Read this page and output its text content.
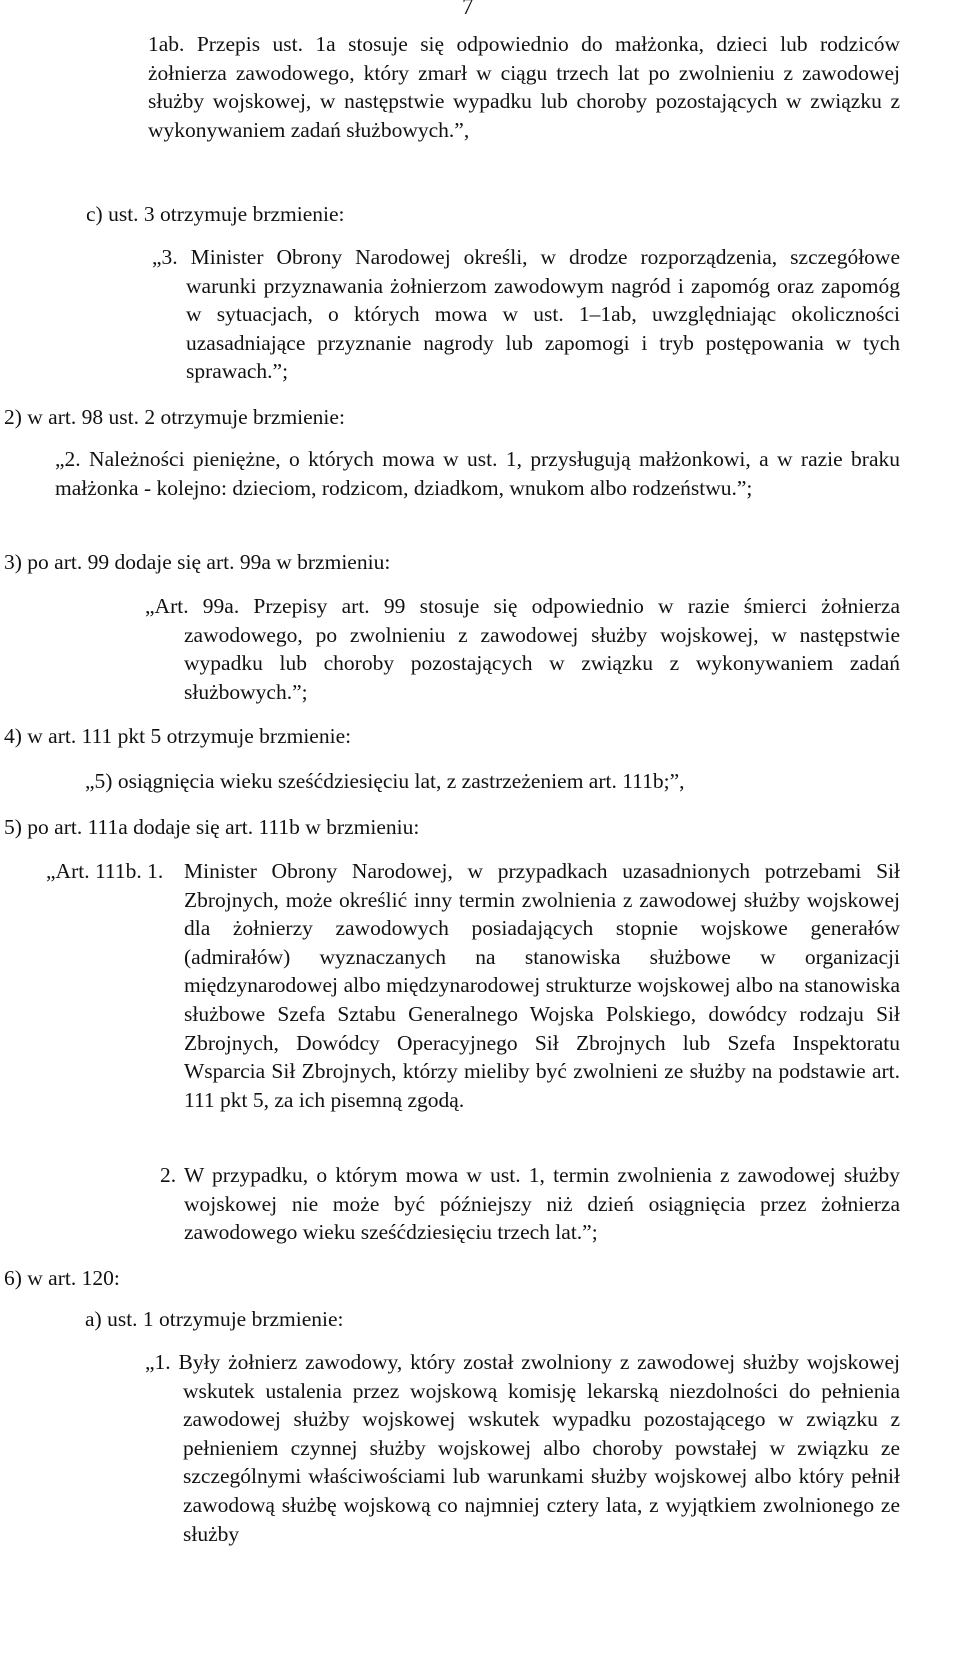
7

1ab. Przepis ust. 1a stosuje się odpowiednio do małżonka, dzieci lub rodziców żołnierza zawodowego, który zmarł w ciągu trzech lat po zwolnieniu z zawodowej służby wojskowej, w następstwie wypadku lub choroby pozostających w związku z wykonywaniem zadań służbowych.”,

c) ust. 3 otrzymuje brzmienie:

„3. Minister Obrony Narodowej określi, w drodze rozporządzenia, szczegółowe warunki przyznawania żołnierzom zawodowym nagród i zapomóg oraz zapomóg w sytuacjach, o których mowa w ust. 1–1ab, uwzględniając okoliczności uzasadniające przyznanie nagrody lub zapomogi i tryb postępowania w tych sprawach.”;

2) w art. 98 ust. 2 otrzymuje brzmienie:

„2. Należności pieniężne, o których mowa w ust. 1, przysługują małżonkowi, a w razie braku małżonka - kolejno: dzieciom, rodzicom, dziadkom, wnukom albo rodzeństwu.”;

3) po art. 99 dodaje się art. 99a w brzmieniu:

„Art. 99a. Przepisy art. 99 stosuje się odpowiednio w razie śmierci żołnierza zawodowego, po zwolnieniu z zawodowej służby wojskowej, w następstwie wypadku lub choroby pozostających w związku z wykonywaniem zadań służbowych.”;

4) w art. 111 pkt 5 otrzymuje brzmienie:

„5) osiągnięcia wieku sześćdziesięciu lat, z zastrzeżeniem art. 111b;”,

5) po art. 111a dodaje się art. 111b w brzmieniu:

„Art. 111b. 1. Minister Obrony Narodowej, w przypadkach uzasadnionych potrzebami Sił Zbrojnych, może określić inny termin zwolnienia z zawodowej służby wojskowej dla żołnierzy zawodowych posiadających stopnie wojskowe generałów (admirałów) wyznaczanych na stanowiska służbowe w organizacji międzynarodowej albo międzynarodowej strukturze wojskowej albo na stanowiska służbowe Szefa Sztabu Generalnego Wojska Polskiego, dowódcy rodzaju Sił Zbrojnych, Dowódcy Operacyjnego Sił Zbrojnych lub Szefa Inspektoratu Wsparcia Sił Zbrojnych, którzy mieliby być zwolnieni ze służby na podstawie art. 111 pkt 5, za ich pisemną zgodą.

2. W przypadku, o którym mowa w ust. 1, termin zwolnienia z zawodowej służby wojskowej nie może być późniejszy niż dzień osiągnięcia przez żołnierza zawodowego wieku sześćdziesięciu trzech lat.”;

6) w art. 120:

a) ust. 1 otrzymuje brzmienie:

„1. Były żołnierz zawodowy, który został zwolniony z zawodowej służby wojskowej wskutek ustalenia przez wojskową komisję lekarską niezdolności do pełnienia zawodowej służby wojskowej wskutek wypadku pozostającego w związku z pełnieniem czynnej służby wojskowej albo choroby powstałej w związku ze szczególnymi właściwościami lub warunkami służby wojskowej albo który pełnił zawodową służbę wojskową co najmniej cztery lata, z wyjątkiem zwolnionego ze służby
